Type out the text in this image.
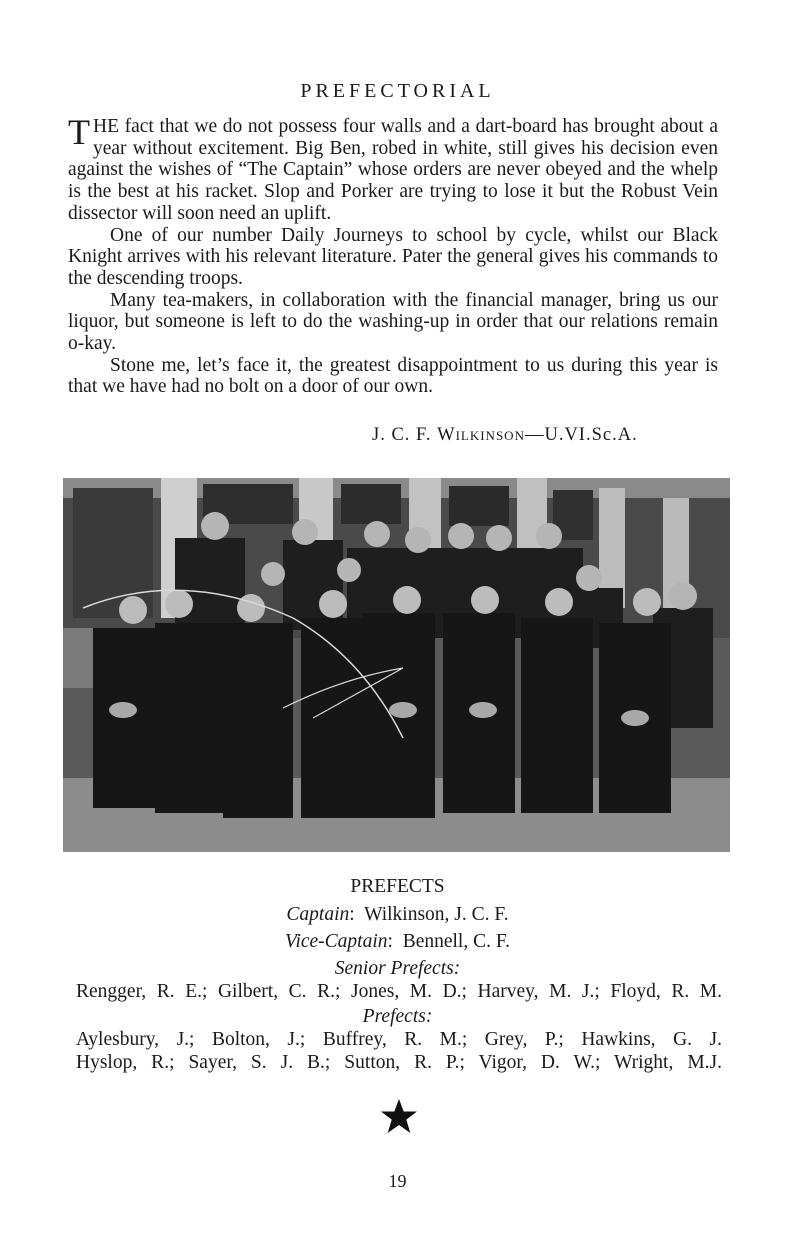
PREFECTORIAL

THE fact that we do not possess four walls and a dart-board has brought about a year without excitement. Big Ben, robed in white, still gives his decision even against the wishes of “The Captain” whose orders are never obeyed and the whelp is the best at his racket. Slop and Porker are trying to lose it but the Robust Vein dissector will soon need an uplift.

One of our number Daily Journeys to school by cycle, whilst our Black Knight arrives with his relevant literature. Pater the general gives his commands to the descending troops.

Many tea-makers, in collaboration with the financial manager, bring us our liquor, but someone is left to do the washing-up in order that our relations remain o-kay.

Stone me, let’s face it, the greatest disappointment to us during this year is that we have had no bolt on a door of our own.

J. C. F. Wilkinson—U.VI.Sc.A.
PREFECTS
Captain:  Wilkinson, J. C. F.
Vice-Captain:  Bennell, C. F.
Senior Prefects:
Rengger, R. E.; Gilbert, C. R.; Jones, M. D.; Harvey, M. J.; Floyd, R. M.
Prefects:
Aylesbury, J.; Bolton, J.; Buffrey, R. M.; Grey, P.; Hawkins, G. J.
Hyslop, R.; Sayer, S. J. B.; Sutton, R. P.; Vigor, D. W.; Wright, M.J.
19
